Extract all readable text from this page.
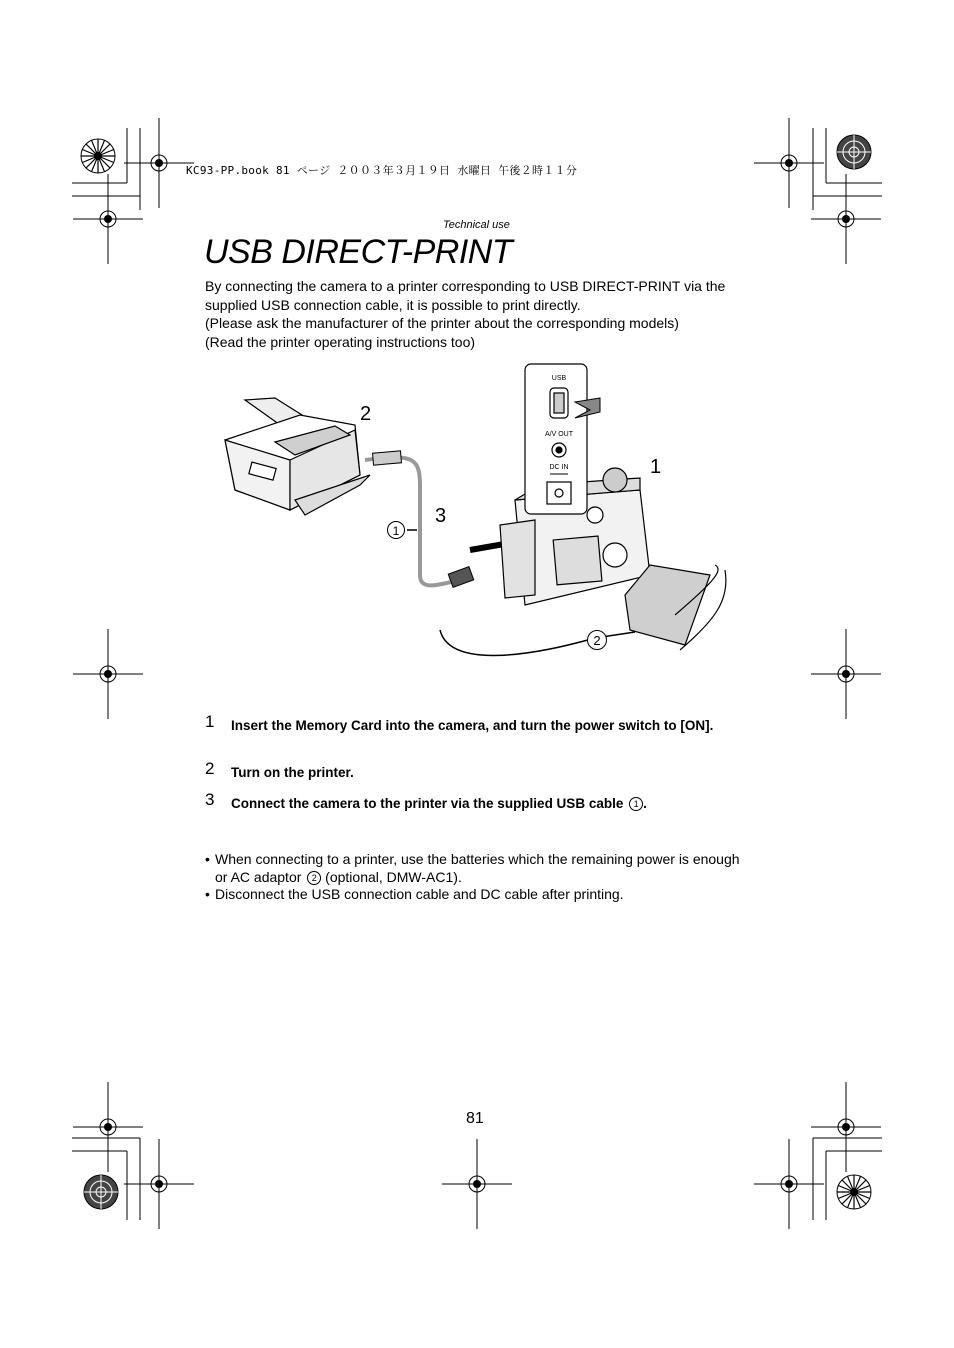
KC93-PP.book 81 ページ ２００３年３月１９日 水曜日 午後２時１１分
Technical use
USB DIRECT-PRINT

By connecting the camera to a printer corresponding to USB DIRECT-PRINT via the supplied USB connection cable, it is possible to print directly.

(Please ask the manufacturer of the printer about the corresponding models)

(Read the printer operating instructions too)

USB
A/V OUT
DC IN
2
1
3
1
2
1 Insert the Memory Card into the camera, and turn the power switch to [ON].
2 Turn on the printer.
3 Connect the camera to the printer via the supplied USB cable 1 .
• When connecting to a printer, use the batteries which the remaining power is enough or AC adaptor 2 (optional, DMW-AC1).
• Disconnect the USB connection cable and DC cable after printing.
81
